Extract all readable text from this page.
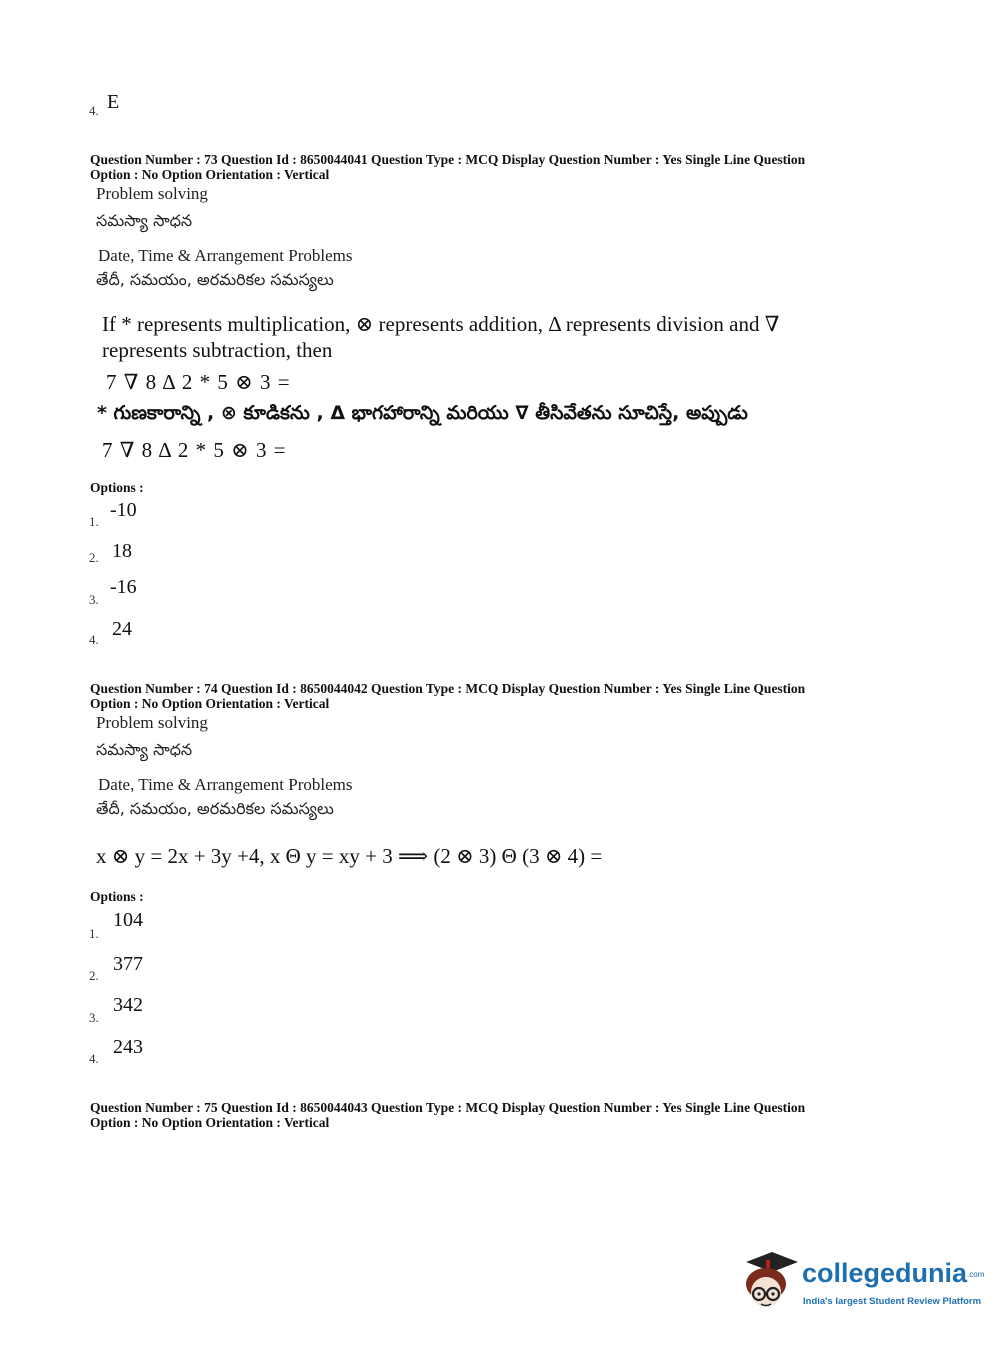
4. E
Question Number : 73 Question Id : 8650044041 Question Type : MCQ Display Question Number : Yes Single Line Question
Option : No Option Orientation : Vertical
Problem solving
సమస్యా సాధన
Date, Time & Arrangement Problems
తేదీ, సమయం, అరమరికల సమస్యలు
If * represents multiplication, ⊗ represents addition, Δ represents division and ∇
represents subtraction, then
7 ∇ 8 Δ 2 * 5 ⊗ 3 =
* గుణకారాన్ని , ⊗ కూడికను , Δ భాగహారాన్ని మరియు ∇ తీసివేతను సూచిస్తే, అప్పుడు
7 ∇ 8 Δ 2 * 5 ⊗ 3 =
Options :
1.
-10
2. 18
3.
-16
4. 24
Question Number : 74 Question Id : 8650044042 Question Type : MCQ Display Question Number : Yes Single Line Question
Option : No Option Orientation : Vertical
Problem solving
సమస్యా సాధన
Date, Time & Arrangement Problems
తేదీ, సమయం, అరమరికల సమస్యలు
x ⊗ y = 2x + 3y +4, x Θ y = xy + 3 ⟹ (2 ⊗ 3) Θ (3 ⊗ 4) =
Options :
1.
104
2.
377
3.
342
4.
243
Question Number : 75 Question Id : 8650044043 Question Type : MCQ Display Question Number : Yes Single Line Question
Option : No Option Orientation : Vertical
collegedunia.com
India's largest Student Review Platform
